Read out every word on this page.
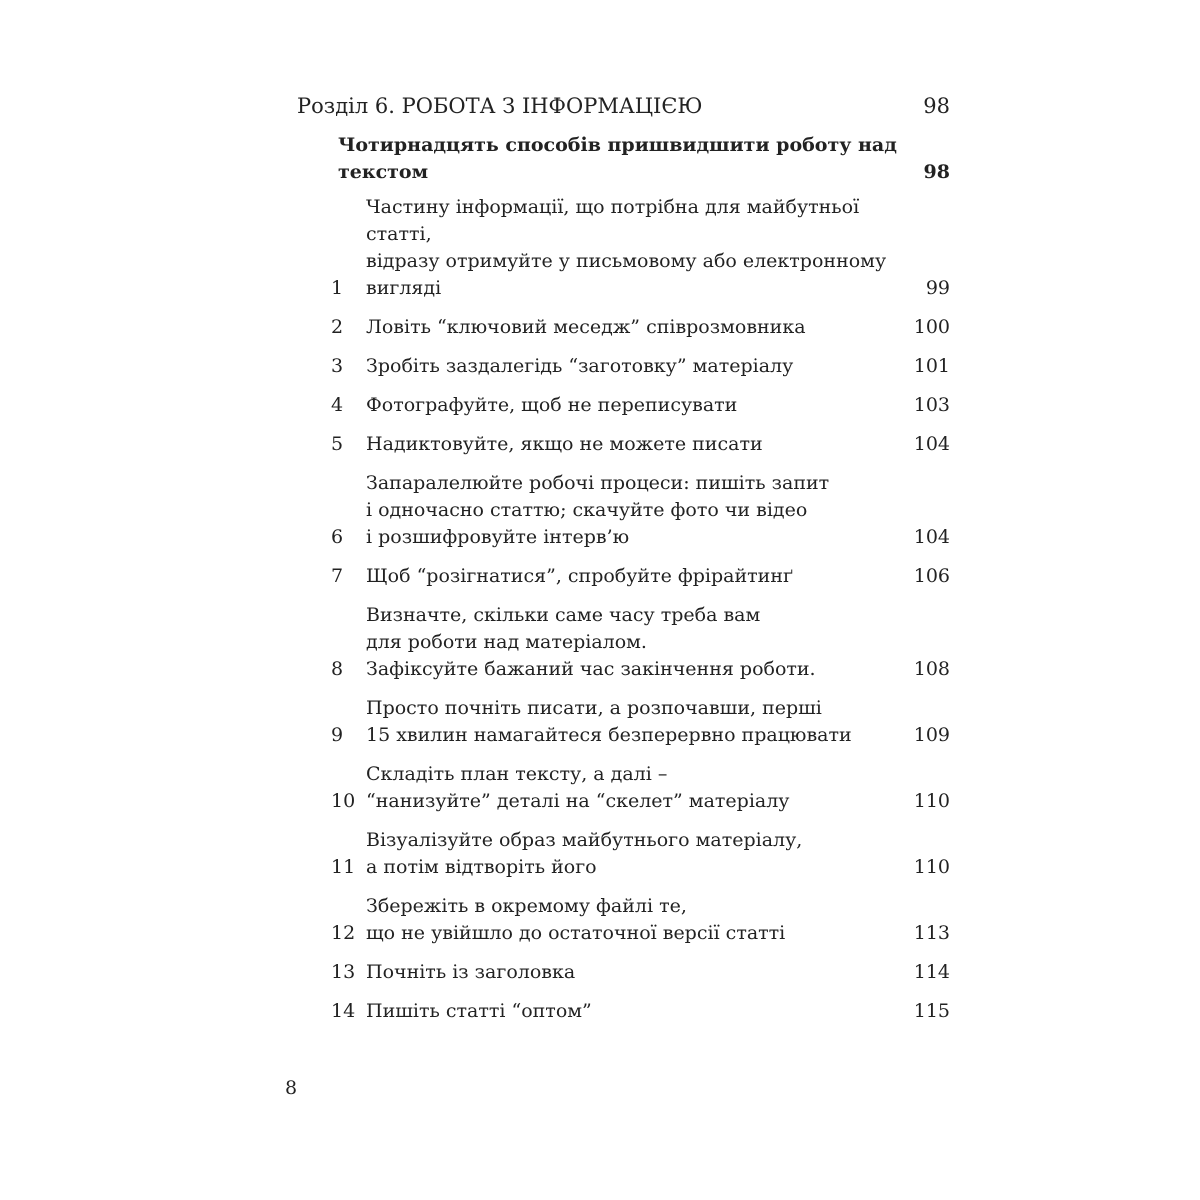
Розділ 6. РОБОТА З ІНФОРМАЦІЄЮ	98
Чотирнадцять способів пришвидшити роботу над текстом	98
1
Частину інформації, що потрібна для майбутньої статті,
відразу отримуйте у письмовому або електронному
вигляді	99
2	Ловіть “ключовий меседж” співрозмовника	100
3	Зробіть заздалегідь “заготовку” матеріалу	101
4	Фотографуйте, щоб не переписувати	103
5	Надиктовуйте, якщо не можете писати	104
6
Запаралелюйте робочі процеси: пишіть запит
і одночасно статтю; скачуйте фото чи відео
і розшифровуйте інтерв’ю	104
7	Щоб “розігнатися”, спробуйте фрірайтинґ	106
8
Визначте, скільки саме часу треба вам
для роботи над матеріалом.
Зафіксуйте бажаний час закінчення роботи.	108
9
Просто почніть писати, а розпочавши, перші
15 хвилин намагайтеся безперервно працювати	109
10
Складіть план тексту, а далі –
“нанизуйте” деталі на “скелет” матеріалу	110
11
Візуалізуйте образ майбутнього матеріалу,
а потім відтворіть його	110
12
Збережіть в окремому файлі те,
що не увійшло до остаточної версії статті	113
13 Почніть із заголовка	114
14 Пишіть статті “оптом”	115
8
